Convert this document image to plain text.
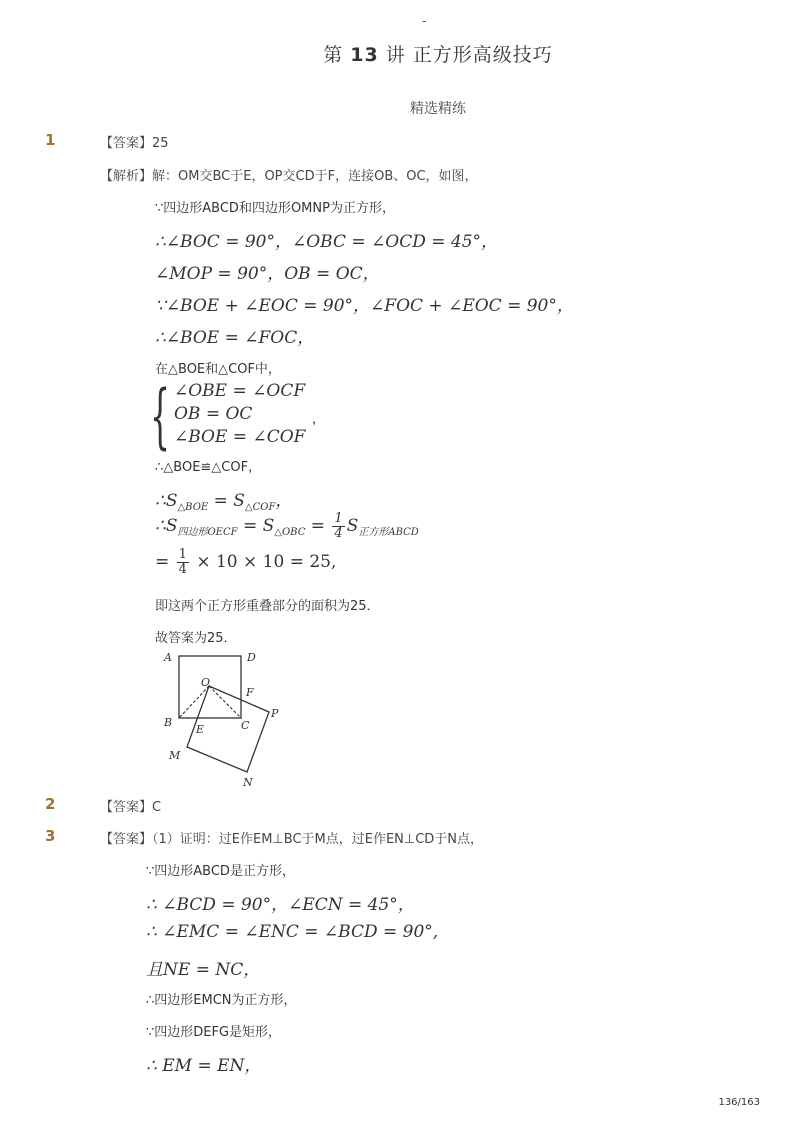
-
第 13 讲 正方形高级技巧
精选精练
1	【答案】25
【解析】解：OM交BC于E，OP交CD于F，连接OB、OC，如图，
∵四边形ABCD和四边形OMNP为正方形，
∴∠BOC = 90°，∠OBC = ∠OCD = 45°，
∠MOP = 90°，OB = OC，
∵∠BOE + ∠EOC = 90°，∠FOC + ∠EOC = 90°，
∴∠BOE = ∠FOC，
在△BOE和△COF中，
{ ∠OBE = ∠OCF
OB = OC
∠BOE = ∠COF
，
∴△BOE≌△COF，
$\therefore S_{\triangle BOE} = S_{\triangle COF}$，
$\therefore S_{四边形OECF} = S_{\triangle OBC} = \frac{1}{4} S_{正方形ABCD}$
= $\frac{1}{4} \times 10 \times 10 = 25$,
即这两个正方形重叠部分的面积为25．
故答案为25．
A	D
O
F
B
E	C
P
M
N
2	【答案】C
3	【答案】（1）证明：过E作EM⊥BC于M点，过E作EN⊥CD于N点，
∵四边形ABCD是正方形，
∴ ∠BCD = 90°，∠ECN = 45°，
∴ ∠EMC = ∠ENC = ∠BCD = 90°,
且NE = NC，
∴四边形EMCN为正方形，
∵四边形DEFG是矩形，
∴ EM = EN，
136/163
